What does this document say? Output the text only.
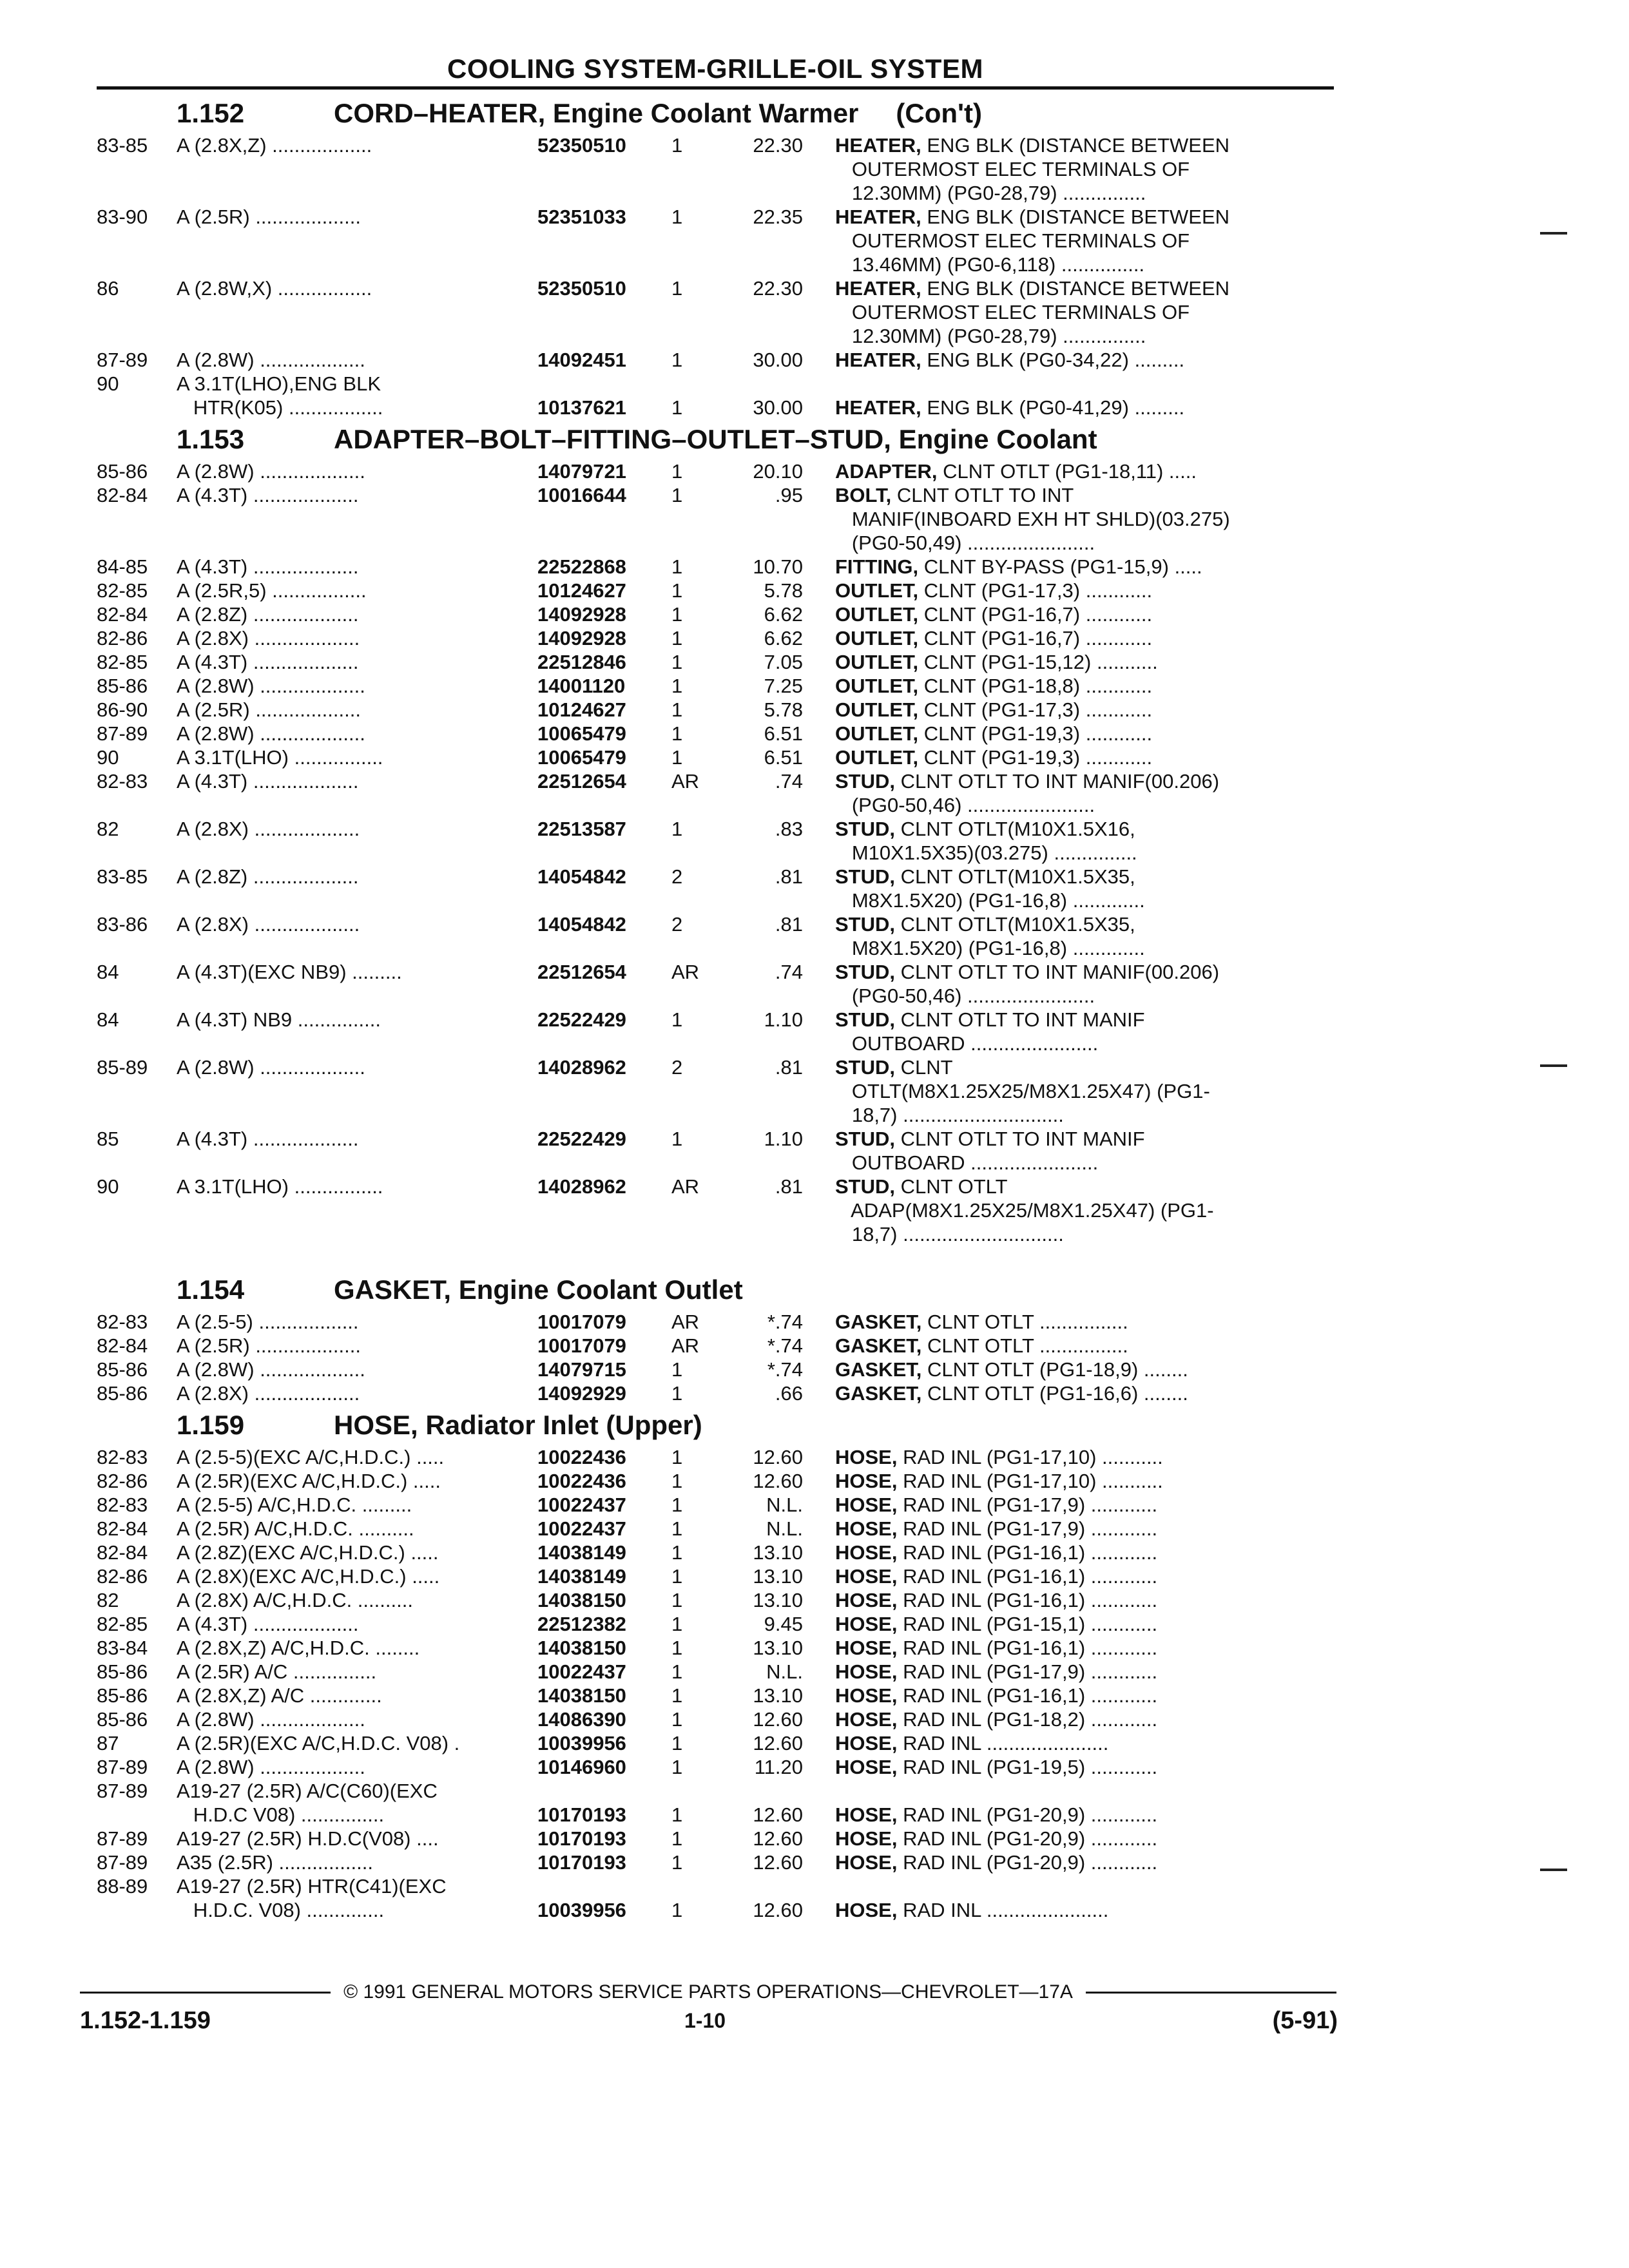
COOLING SYSTEM-GRILLE-OIL SYSTEM
1.152	CORD–HEATER, Engine Coolant Warmer (Con't)
83-85	A (2.8X,Z) ..................	52350510	1	22.30 HEATER, ENG BLK (DISTANCE BETWEEN
OUTERMOST ELEC TERMINALS OF
12.30MM) (PG0-28,79) ...............
83-90	A (2.5R) ...................	52351033	1	22.35 HEATER, ENG BLK (DISTANCE BETWEEN
OUTERMOST ELEC TERMINALS OF
13.46MM) (PG0-6,118) ...............
86	A (2.8W,X) .................	52350510	1	22.30 HEATER, ENG BLK (DISTANCE BETWEEN
OUTERMOST ELEC TERMINALS OF
12.30MM) (PG0-28,79) ...............
87-89	A (2.8W) ...................	14092451	1	30.00 HEATER, ENG BLK (PG0-34,22) .........
90	A 3.1T(LHO),ENG BLK
HTR(K05) .................	10137621	1	30.00 HEATER, ENG BLK (PG0-41,29) .........
1.153	ADAPTER–BOLT–FITTING–OUTLET–STUD, Engine Coolant
85-86	A (2.8W) ...................	14079721	1	20.10 ADAPTER, CLNT OTLT (PG1-18,11) .....
82-84	A (4.3T) ...................	10016644	1	.95 BOLT, CLNT OTLT TO INT
MANIF(INBOARD EXH HT SHLD)(03.275)
(PG0-50,49) .......................
84-85	A (4.3T) ...................	22522868	1	10.70 FITTING, CLNT BY-PASS (PG1-15,9) .....
82-85	A (2.5R,5) .................	10124627	1	5.78 OUTLET, CLNT (PG1-17,3) ............
82-84	A (2.8Z) ...................	14092928	1	6.62 OUTLET, CLNT (PG1-16,7) ............
82-86	A (2.8X) ...................	14092928	1	6.62 OUTLET, CLNT (PG1-16,7) ............
82-85	A (4.3T) ...................	22512846	1	7.05 OUTLET, CLNT (PG1-15,12) ...........
85-86	A (2.8W) ...................	14001120	1	7.25 OUTLET, CLNT (PG1-18,8) ............
86-90	A (2.5R) ...................	10124627	1	5.78 OUTLET, CLNT (PG1-17,3) ............
87-89	A (2.8W) ...................	10065479	1	6.51 OUTLET, CLNT (PG1-19,3) ............
90	A 3.1T(LHO) ................	10065479	1	6.51 OUTLET, CLNT (PG1-19,3) ............
82-83	A (4.3T) ...................	22512654	AR	.74 STUD, CLNT OTLT TO INT MANIF(00.206)
(PG0-50,46) .......................
82	A (2.8X) ...................	22513587	1	.83 STUD, CLNT OTLT(M10X1.5X16,
M10X1.5X35)(03.275) ...............
83-85	A (2.8Z) ...................	14054842	2	.81 STUD, CLNT OTLT(M10X1.5X35,
M8X1.5X20) (PG1-16,8) .............
83-86	A (2.8X) ...................	14054842	2	.81 STUD, CLNT OTLT(M10X1.5X35,
M8X1.5X20) (PG1-16,8) .............
84	A (4.3T)(EXC NB9) .........	22512654	AR	.74 STUD, CLNT OTLT TO INT MANIF(00.206)
(PG0-50,46) .......................
84	A (4.3T) NB9 ...............	22522429	1	1.10 STUD, CLNT OTLT TO INT MANIF
OUTBOARD .......................
85-89	A (2.8W) ...................	14028962	2	.81 STUD, CLNT
OTLT(M8X1.25X25/M8X1.25X47) (PG1-
18,7) .............................
85	A (4.3T) ...................	22522429	1	1.10 STUD, CLNT OTLT TO INT MANIF
OUTBOARD .......................
90	A 3.1T(LHO) ................	14028962	AR	.81 STUD, CLNT OTLT
ADAP(M8X1.25X25/M8X1.25X47) (PG1-
18,7) .............................
1.154	GASKET, Engine Coolant Outlet
82-83	A (2.5-5) ..................	10017079	AR	*.74 GASKET, CLNT OTLT ................
82-84	A (2.5R) ...................	10017079	AR	*.74 GASKET, CLNT OTLT ................
85-86	A (2.8W) ...................	14079715	1	*.74 GASKET, CLNT OTLT (PG1-18,9) ........
85-86	A (2.8X) ...................	14092929	1	.66 GASKET, CLNT OTLT (PG1-16,6) ........
1.159	HOSE, Radiator Inlet (Upper)
82-83	A (2.5-5)(EXC A/C,H.D.C.) .....	10022436	1	12.60 HOSE, RAD INL (PG1-17,10) ...........
82-86	A (2.5R)(EXC A/C,H.D.C.) .....	10022436	1	12.60 HOSE, RAD INL (PG1-17,10) ...........
82-83	A (2.5-5) A/C,H.D.C. .........	10022437	1	N.L. HOSE, RAD INL (PG1-17,9) ............
82-84	A (2.5R) A/C,H.D.C. ..........	10022437	1	N.L. HOSE, RAD INL (PG1-17,9) ............
82-84	A (2.8Z)(EXC A/C,H.D.C.) .....	14038149	1	13.10 HOSE, RAD INL (PG1-16,1) ............
82-86	A (2.8X)(EXC A/C,H.D.C.) .....	14038149	1	13.10 HOSE, RAD INL (PG1-16,1) ............
82	A (2.8X) A/C,H.D.C. ..........	14038150	1	13.10 HOSE, RAD INL (PG1-16,1) ............
82-85	A (4.3T) ...................	22512382	1	9.45 HOSE, RAD INL (PG1-15,1) ............
83-84	A (2.8X,Z) A/C,H.D.C. ........	14038150	1	13.10 HOSE, RAD INL (PG1-16,1) ............
85-86	A (2.5R) A/C ...............	10022437	1	N.L. HOSE, RAD INL (PG1-17,9) ............
85-86	A (2.8X,Z) A/C .............	14038150	1	13.10 HOSE, RAD INL (PG1-16,1) ............
85-86	A (2.8W) ...................	14086390	1	12.60 HOSE, RAD INL (PG1-18,2) ............
87	A (2.5R)(EXC A/C,H.D.C. V08) .	10039956	1	12.60 HOSE, RAD INL ......................
87-89	A (2.8W) ...................	10146960	1	11.20 HOSE, RAD INL (PG1-19,5) ............
87-89	A19-27 (2.5R) A/C(C60)(EXC
H.D.C V08) ...............	10170193	1	12.60 HOSE, RAD INL (PG1-20,9) ............
87-89	A19-27 (2.5R) H.D.C(V08) ....	10170193	1	12.60 HOSE, RAD INL (PG1-20,9) ............
87-89	A35 (2.5R) .................	10170193	1	12.60 HOSE, RAD INL (PG1-20,9) ............
88-89	A19-27 (2.5R) HTR(C41)(EXC
H.D.C. V08) ..............	10039956	1	12.60 HOSE, RAD INL ......................
© 1991 GENERAL MOTORS SERVICE PARTS OPERATIONS—CHEVROLET—17A
1.152-1.159	1-10	(5-91)
